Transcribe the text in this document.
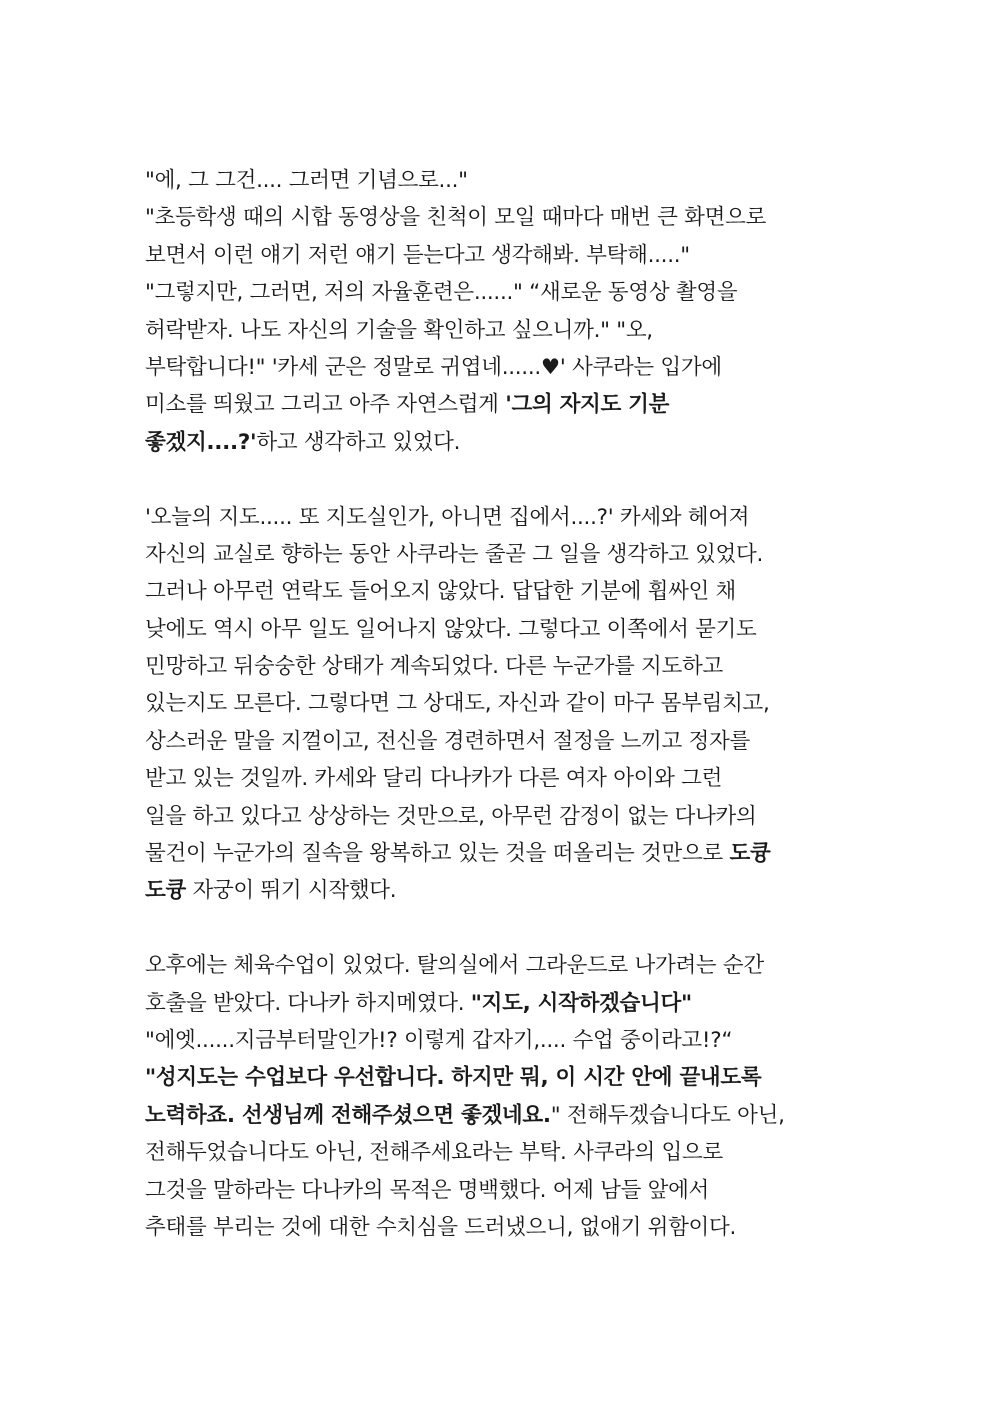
"에, 그 그건.... 그러면 기념으로..."
"초등학생 때의 시합 동영상을 친척이 모일 때마다 매번 큰 화면으로
보면서 이런 얘기 저런 얘기 듣는다고 생각해봐. 부탁해....."
"그렇지만, 그러면, 저의 자율훈련은......" “새로운 동영상 촬영을
허락받자. 나도 자신의 기술을 확인하고 싶으니까." "오,
부탁합니다!" '카세 군은 정말로 귀엽네......♥' 사쿠라는 입가에
미소를 띄웠고 그리고 아주 자연스럽게 '그의 자지도 기분
좋겠지....?'하고 생각하고 있었다.
'오늘의 지도..... 또 지도실인가, 아니면 집에서....?' 카세와 헤어져
자신의 교실로 향하는 동안 사쿠라는 줄곧 그 일을 생각하고 있었다.
그러나 아무런 연락도 들어오지 않았다. 답답한 기분에 휩싸인 채
낮에도 역시 아무 일도 일어나지 않았다. 그렇다고 이쪽에서 묻기도
민망하고 뒤숭숭한 상태가 계속되었다. 다른 누군가를 지도하고
있는지도 모른다. 그렇다면 그 상대도, 자신과 같이 마구 몸부림치고,
상스러운 말을 지껄이고, 전신을 경련하면서 절정을 느끼고 정자를
받고 있는 것일까. 카세와 달리 다나카가 다른 여자 아이와 그런
일을 하고 있다고 상상하는 것만으로, 아무런 감정이 없는 다나카의
물건이 누군가의 질속을 왕복하고 있는 것을 떠올리는 것만으로 도큥
도큥 자궁이 뛰기 시작했다.
오후에는 체육수업이 있었다. 탈의실에서 그라운드로 나가려는 순간
호출을 받았다. 다나카 하지메였다. "지도, 시작하겠습니다"
"에엣......지금부터말인가!? 이렇게 갑자기,.... 수업 중이라고!?“
"성지도는 수업보다 우선합니다. 하지만 뭐, 이 시간 안에 끝내도록
노력하죠. 선생님께 전해주셨으면 좋겠네요." 전해두겠습니다도 아닌,
전해두었습니다도 아닌, 전해주세요라는 부탁. 사쿠라의 입으로
그것을 말하라는 다나카의 목적은 명백했다. 어제 남들 앞에서
추태를 부리는 것에 대한 수치심을 드러냈으니, 없애기 위함이다.
